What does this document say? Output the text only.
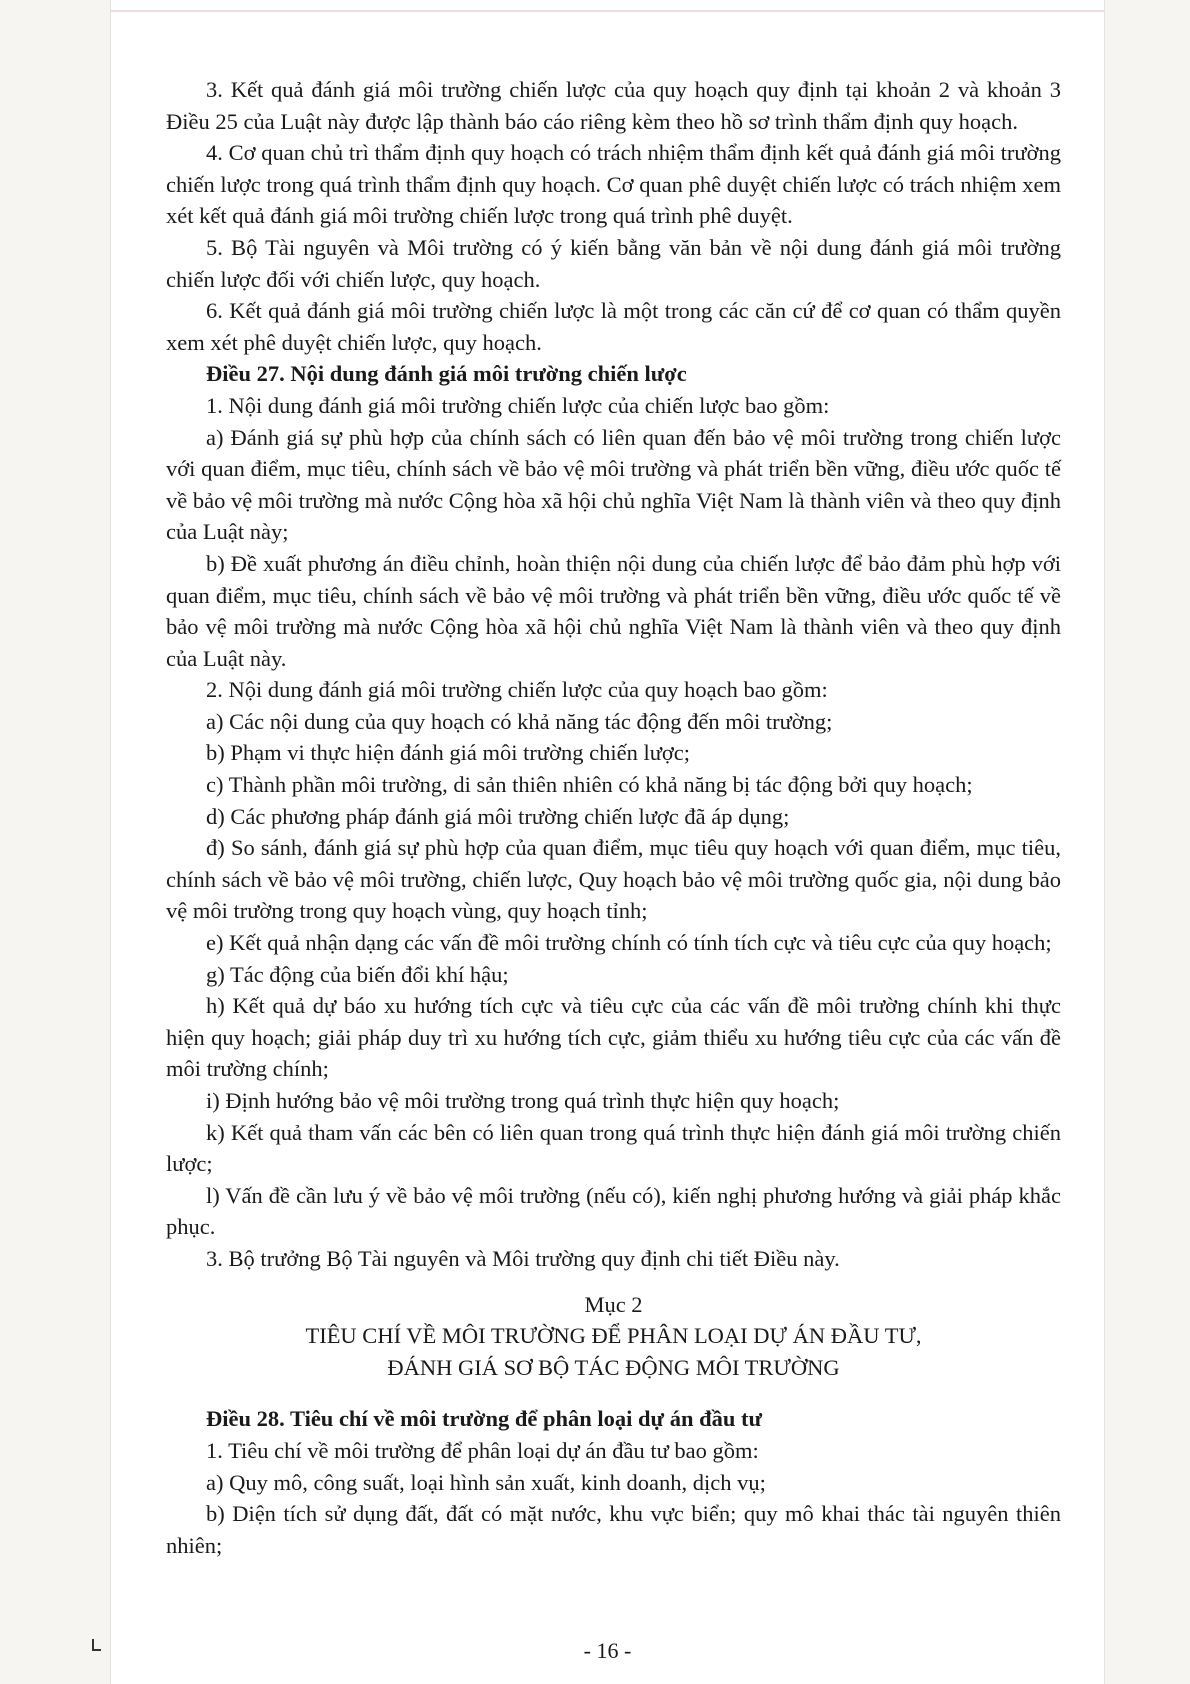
3. Kết quả đánh giá môi trường chiến lược của quy hoạch quy định tại khoản 2 và khoản 3 Điều 25 của Luật này được lập thành báo cáo riêng kèm theo hồ sơ trình thẩm định quy hoạch.

4. Cơ quan chủ trì thẩm định quy hoạch có trách nhiệm thẩm định kết quả đánh giá môi trường chiến lược trong quá trình thẩm định quy hoạch. Cơ quan phê duyệt chiến lược có trách nhiệm xem xét kết quả đánh giá môi trường chiến lược trong quá trình phê duyệt.

5. Bộ Tài nguyên và Môi trường có ý kiến bằng văn bản về nội dung đánh giá môi trường chiến lược đối với chiến lược, quy hoạch.

6. Kết quả đánh giá môi trường chiến lược là một trong các căn cứ để cơ quan có thẩm quyền xem xét phê duyệt chiến lược, quy hoạch.

Điều 27. Nội dung đánh giá môi trường chiến lược

1. Nội dung đánh giá môi trường chiến lược của chiến lược bao gồm:

a) Đánh giá sự phù hợp của chính sách có liên quan đến bảo vệ môi trường trong chiến lược với quan điểm, mục tiêu, chính sách về bảo vệ môi trường và phát triển bền vững, điều ước quốc tế về bảo vệ môi trường mà nước Cộng hòa xã hội chủ nghĩa Việt Nam là thành viên và theo quy định của Luật này;

b) Đề xuất phương án điều chỉnh, hoàn thiện nội dung của chiến lược để bảo đảm phù hợp với quan điểm, mục tiêu, chính sách về bảo vệ môi trường và phát triển bền vững, điều ước quốc tế về bảo vệ môi trường mà nước Cộng hòa xã hội chủ nghĩa Việt Nam là thành viên và theo quy định của Luật này.

2. Nội dung đánh giá môi trường chiến lược của quy hoạch bao gồm:

a) Các nội dung của quy hoạch có khả năng tác động đến môi trường;

b) Phạm vi thực hiện đánh giá môi trường chiến lược;

c) Thành phần môi trường, di sản thiên nhiên có khả năng bị tác động bởi quy hoạch;

d) Các phương pháp đánh giá môi trường chiến lược đã áp dụng;

đ) So sánh, đánh giá sự phù hợp của quan điểm, mục tiêu quy hoạch với quan điểm, mục tiêu, chính sách về bảo vệ môi trường, chiến lược, Quy hoạch bảo vệ môi trường quốc gia, nội dung bảo vệ môi trường trong quy hoạch vùng, quy hoạch tỉnh;

e) Kết quả nhận dạng các vấn đề môi trường chính có tính tích cực và tiêu cực của quy hoạch;

g) Tác động của biến đổi khí hậu;

h) Kết quả dự báo xu hướng tích cực và tiêu cực của các vấn đề môi trường chính khi thực hiện quy hoạch; giải pháp duy trì xu hướng tích cực, giảm thiểu xu hướng tiêu cực của các vấn đề môi trường chính;

i) Định hướng bảo vệ môi trường trong quá trình thực hiện quy hoạch;

k) Kết quả tham vấn các bên có liên quan trong quá trình thực hiện đánh giá môi trường chiến lược;

l) Vấn đề cần lưu ý về bảo vệ môi trường (nếu có), kiến nghị phương hướng và giải pháp khắc phục.

3. Bộ trưởng Bộ Tài nguyên và Môi trường quy định chi tiết Điều này.

Mục 2

TIÊU CHÍ VỀ MÔI TRƯỜNG ĐỂ PHÂN LOẠI DỰ ÁN ĐẦU TƯ,

ĐÁNH GIÁ SƠ BỘ TÁC ĐỘNG MÔI TRƯỜNG

Điều 28. Tiêu chí về môi trường để phân loại dự án đầu tư

1. Tiêu chí về môi trường để phân loại dự án đầu tư bao gồm:

a) Quy mô, công suất, loại hình sản xuất, kinh doanh, dịch vụ;

b) Diện tích sử dụng đất, đất có mặt nước, khu vực biển; quy mô khai thác tài nguyên thiên nhiên;

- 16 -
